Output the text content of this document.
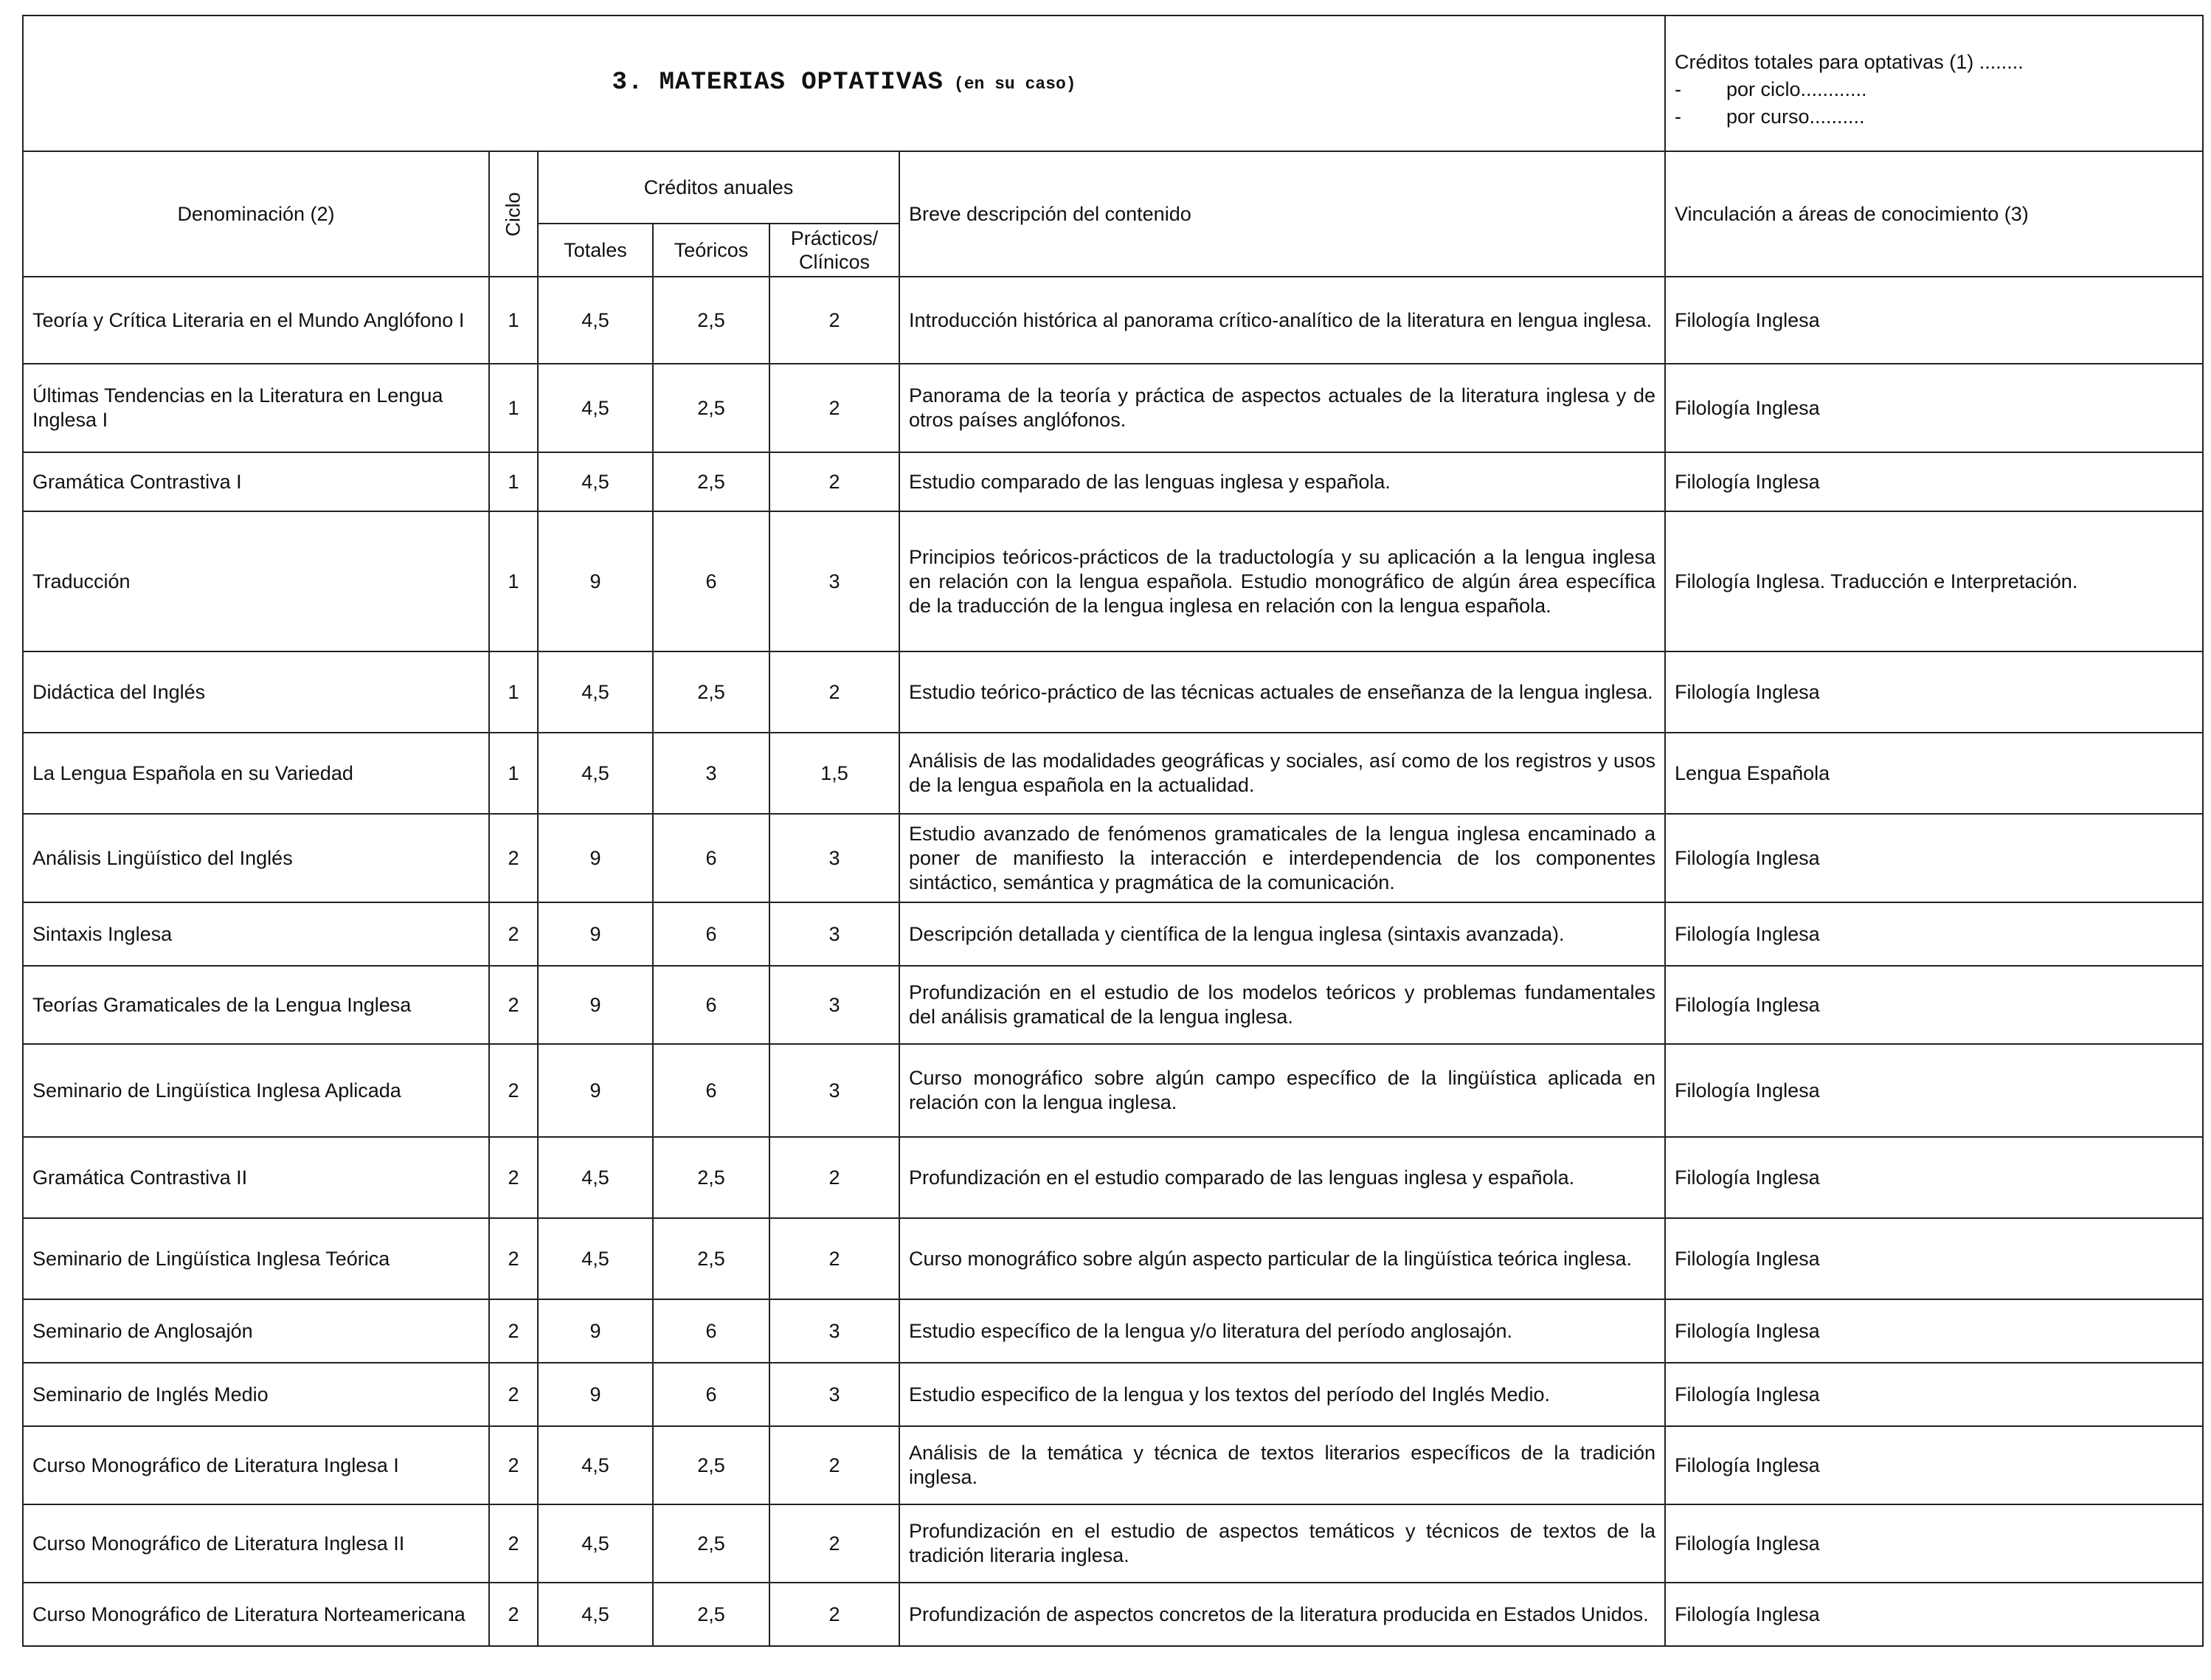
3. MATERIAS OPTATIVAS (en su caso)						Créditos totales para optativas (1) ........
- por ciclo............
- por curso..........

Denominación (2)	Ciclo	Créditos anuales			Breve descripción del contenido	Vinculación a áreas de conocimiento (3)
		Totales	Teóricos	Prácticos/ Clínicos		
Teoría y Crítica Literaria en el Mundo Anglófono I	1	4,5	2,5	2	Introducción histórica al panorama crítico-analítico de la literatura en lengua inglesa.	Filología Inglesa
Últimas Tendencias en la Literatura en Lengua Inglesa I	1	4,5	2,5	2	Panorama de la teoría y práctica de aspectos actuales de la literatura inglesa y de otros países anglófonos.	Filología Inglesa
Gramática Contrastiva I	1	4,5	2,5	2	Estudio comparado de las lenguas inglesa y española.	Filología Inglesa
Traducción	1	9	6	3	Principios teóricos-prácticos de la traductología y su aplicación a la lengua inglesa en relación con la lengua española. Estudio monográfico de algún área específica de la traducción de la lengua inglesa en relación con la lengua española.	Filología Inglesa. Traducción e Interpretación.
Didáctica del Inglés	1	4,5	2,5	2	Estudio teórico-práctico de las técnicas actuales de enseñanza de la lengua inglesa.	Filología Inglesa
La Lengua Española en su Variedad	1	4,5	3	1,5	Análisis de las modalidades geográficas y sociales, así como de los registros y usos de la lengua española en la actualidad.	Lengua Española
Análisis Lingüístico del Inglés	2	9	6	3	Estudio avanzado de fenómenos gramaticales de la lengua inglesa encaminado a poner de manifiesto la interacción e interdependencia de los componentes sintáctico, semántica y pragmática de la comunicación.	Filología Inglesa
Sintaxis Inglesa	2	9	6	3	Descripción detallada y científica de la lengua inglesa (sintaxis avanzada).	Filología Inglesa
Teorías Gramaticales de la Lengua Inglesa	2	9	6	3	Profundización en el estudio de los modelos teóricos y problemas fundamentales del análisis gramatical de la lengua inglesa.	Filología Inglesa
Seminario de Lingüística Inglesa Aplicada	2	9	6	3	Curso monográfico sobre algún campo específico de la lingüística aplicada en relación con la lengua inglesa.	Filología Inglesa
Gramática Contrastiva II	2	4,5	2,5	2	Profundización en el estudio comparado de las lenguas inglesa y española.	Filología Inglesa
Seminario de Lingüística Inglesa Teórica	2	4,5	2,5	2	Curso monográfico sobre algún aspecto particular de la lingüística teórica inglesa.	Filología Inglesa
Seminario de Anglosajón	2	9	6	3	Estudio específico de la lengua y/o literatura del período anglosajón.	Filología Inglesa
Seminario de Inglés Medio	2	9	6	3	Estudio especifico de la lengua y los textos del período del Inglés Medio.	Filología Inglesa
Curso Monográfico de Literatura Inglesa I	2	4,5	2,5	2	Análisis de la temática y técnica de textos literarios específicos de la tradición inglesa.	Filología Inglesa
Curso Monográfico de Literatura Inglesa II	2	4,5	2,5	2	Profundización en el estudio de aspectos temáticos y técnicos de textos de la tradición literaria inglesa.	Filología Inglesa
Curso Monográfico de Literatura Norteamericana	2	4,5	2,5	2	Profundización de aspectos concretos de la literatura producida en Estados Unidos.	Filología Inglesa
